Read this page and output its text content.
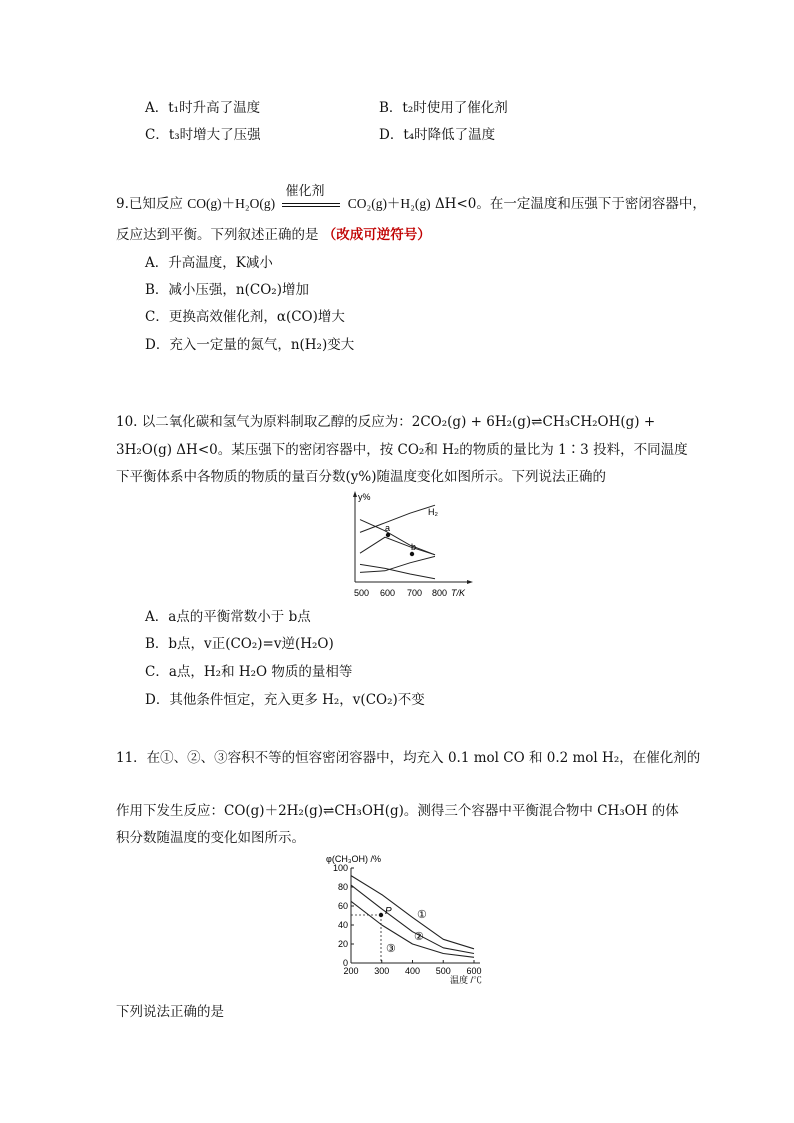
A．t₁时升高了温度	B．t₂时使用了催化剂
C．t₃时增大了压强	D．t₄时降低了温度
9.已知反应 CO(g)＋H₂O(g)
催化剂
CO₂(g)＋H₂(g) ΔH<0。在一定温度和压强下于密闭容器中，
反应达到平衡。下列叙述正确的是 （改成可逆符号）
A．升高温度，K减小
B．减小压强，n(CO₂)增加
C．更换高效催化剂，α(CO)增大
D．充入一定量的氮气，n(H₂)变大
10. 以二氧化碳和氢气为原料制取乙醇的反应为：2CO₂(g) + 6H₂(g)⇌CH₃CH₂OH(g) +
3H₂O(g) ΔH<0。某压强下的密闭容器中，按 CO₂和 H₂的物质的量比为 1∶3 投料，不同温度
下平衡体系中各物质的物质的量百分数(y%)随温度变化如图所示。下列说法正确的
y%
H₂
a
b
500 600 700 800 T/K
A．a点的平衡常数小于 b点
B．b点，v正(CO₂)=v逆(H₂O)
C．a点，H₂和 H₂O 物质的量相等
D．其他条件恒定，充入更多 H₂，v(CO₂)不变
11．在①、②、③容积不等的恒容密闭容器中，均充入 0.1 mol CO 和 0.2 mol H₂，在催化剂的
作用下发生反应：CO(g)＋2H₂(g)⇌CH₃OH(g)。测得三个容器中平衡混合物中 CH₃OH 的体
积分数随温度的变化如图所示。
φ(CH₃OH) /%
0
20
40
60
80
100
200 300 400 500 600
P ①
②
③
温度 /℃
下列说法正确的是
